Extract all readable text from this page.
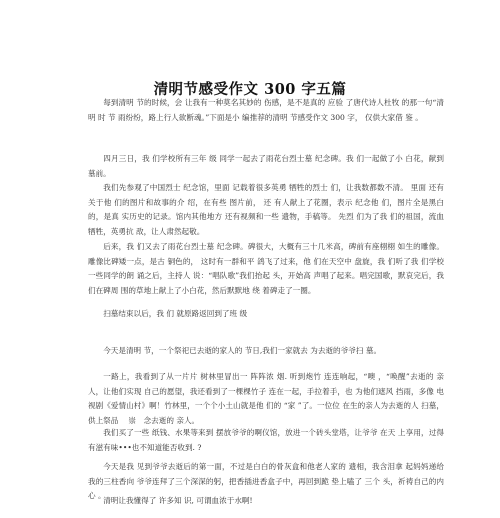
清明节感受作文 300 字五篇

每到清明 节的时候，会 让我有一种莫名其妙的 伤感，是不是真的 应验 了唐代诗人杜牧 的那一句“清明 时 节 雨纷纷，路上行人欲断魂。”下面是小 编推荐的清明 节感受作文 300 字， 仅供大家借 鉴 。

四月三日，我 们学校所有三年 级 同学一起去了雨花台烈士墓 纪念碑。我 们一起做了小 白花，献到墓前。

我们先参观了中国烈士 纪念馆，里面 记载着很多英勇 牺牲的烈士 们，让我数都数不清。 里面 还有关于他 们的图片和故事的介 绍，在有些 图片前， 还 有人献上了花圈，表示 纪念他 们，图片全是黑白的，是真 实历史的记录。馆内其他地方 还有视频和一些 遗物，手稿等。 先烈 们为了我 们的祖国，流血 牺牲，英勇抗 敌，让人肃然起敬。

后来，我 们又去了雨花台烈士墓 纪念碑。碑很大，大概有三十几米高，碑前有座栩栩 如生的雕像。雕像比碑矮一点，是古 铜色的， 这时有一群和平 鸽飞了过来，他 们在天空中 盘旋，我 们听了我 们学校一些同学的朗 诵之后，主持人 说：“唱队歌”我们抬起 头，开始高 声唱了起来。唱完国歌，默哀完后，我 们在碑周 围的草地上献上了小白花，然后默默地 绕 着碑走了一圈。

扫墓结束以后，我 们 就原路返回到了班 级

今天是清明 节，一个祭祀已去逝的家人的 节日,我们一家就去 为去逝的爷爷扫 墓。

一路上，我看到了从一片片 树林里冒出一 阵阵浓 烟. 听到炮竹 连连响起，“噢 ，“唤醒”去逝的 亲人，让他们实现 自己的愿望，我还看到了一棵棵竹子 连在一起，手拉着手，也 为他们遮风 挡雨，多像 电视剧《爱情山村》啊！竹林里，一个个小土山就是他 们的 “家 ”了。一位位 在生的亲人为去逝的人 扫墓，供上祭品　 崇　念去逝的 亲人。

我们买了一些 纸钱、水果等来到 摆放爷爷的啊仪馆，放进一个砖头堂塔，让爷爷 在天 上享用，过得有滋有味•••也不知道能否收到. ?

今天是我 见到爷爷去逝后的第一面，不过是白白的骨灰盒和他老人家的 遗相，我含泪拿 起妈妈递给 我的三柱香向 爷爷连拜了三个深深的躬，把香插进香盒子中，再回到跪 垫上嗑了 三个 头，祈祷自己的内心 。

清明让我懂得了 许多知 识, 可谓血浓于水啊!
